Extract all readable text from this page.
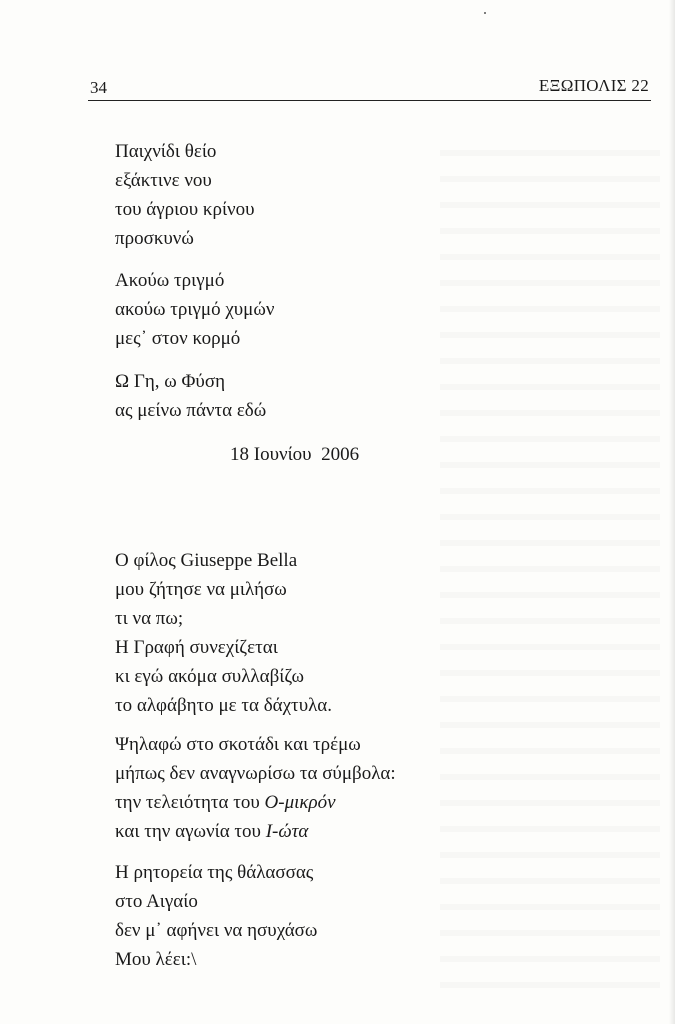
34	ΕΞΩΠΟΛΙΣ 22
Παιχνίδι θείο
εξάκτινε νου
του άγριου κρίνου
προσκυνώ
Ακούω τριγμό
ακούω τριγμό χυμών
μες᾽ στον κορμό
Ω Γη, ω Φύση
ας μείνω πάντα εδώ
18 Ιουνίου  2006
Ο φίλος Giuseppe Bella
μου ζήτησε να μιλήσω
τι να πω;
Η Γραφή συνεχίζεται
κι εγώ ακόμα συλλαβίζω
το αλφάβητο με τα δάχτυλα.
Ψηλαφώ στο σκοτάδι και τρέμω
μήπως δεν αναγνωρίσω τα σύμβολα:
την τελειότητα του Ο-μικρόν
και την αγωνία του Ι-ώτα
Η ρητορεία της θάλασσας
στο Αιγαίο
δεν μ᾽ αφήνει να ησυχάσω
Μου λέει:\
